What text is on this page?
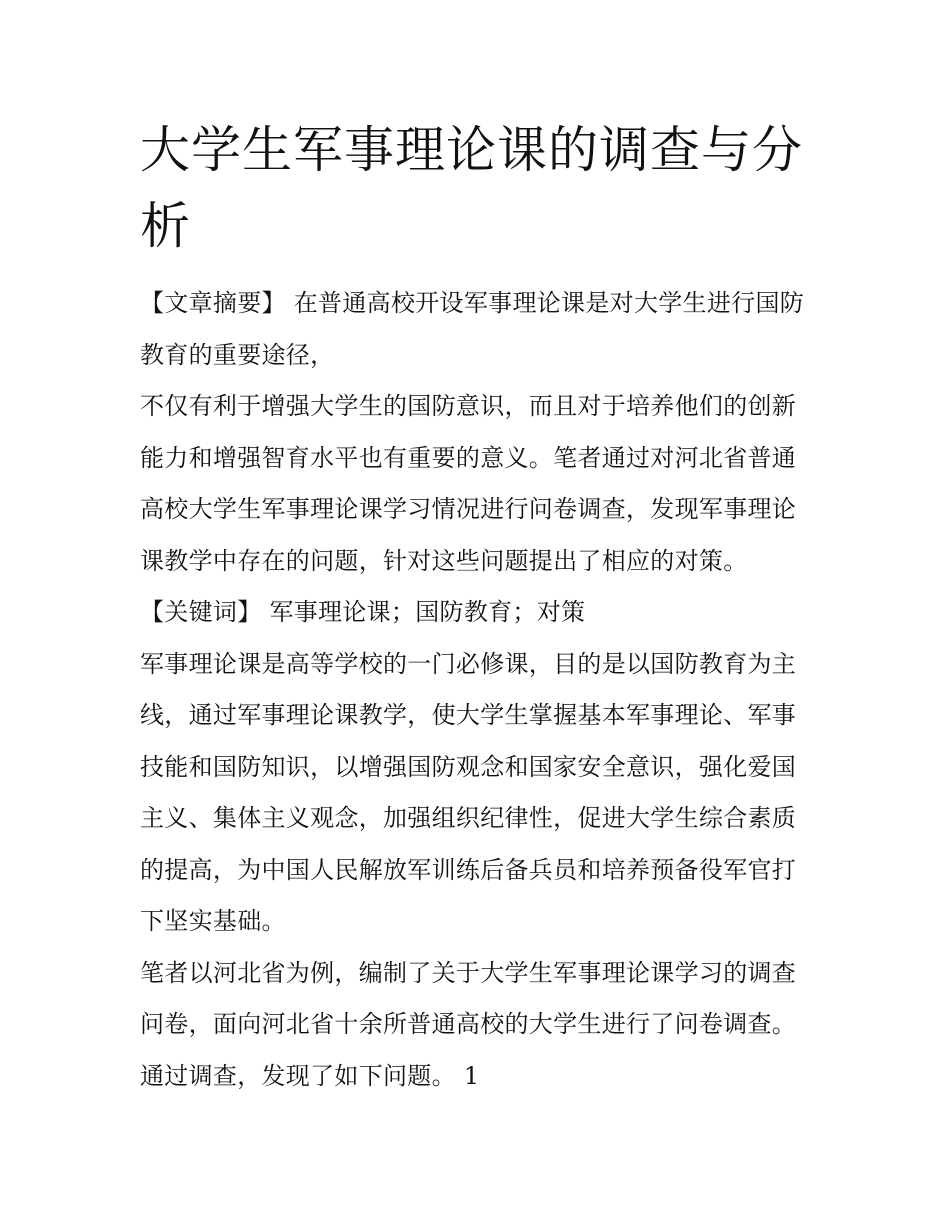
大学生军事理论课的调查与分析

【文章摘要】 在普通高校开设军事理论课是对大学生进行国防教育的重要途径，

不仅有利于增强大学生的国防意识，而且对于培养他们的创新能力和增强智育水平也有重要的意义。笔者通过对河北省普通高校大学生军事理论课学习情况进行问卷调查，发现军事理论课教学中存在的问题，针对这些问题提出了相应的对策。

【关键词】 军事理论课；国防教育；对策

军事理论课是高等学校的一门必修课，目的是以国防教育为主线，通过军事理论课教学，使大学生掌握基本军事理论、军事技能和国防知识，以增强国防观念和国家安全意识，强化爱国主义、集体主义观念，加强组织纪律性，促进大学生综合素质的提高，为中国人民解放军训练后备兵员和培养预备役军官打下坚实基础。

笔者以河北省为例，编制了关于大学生军事理论课学习的调查问卷，面向河北省十余所普通高校的大学生进行了问卷调查。通过调查，发现了如下问题。 1
